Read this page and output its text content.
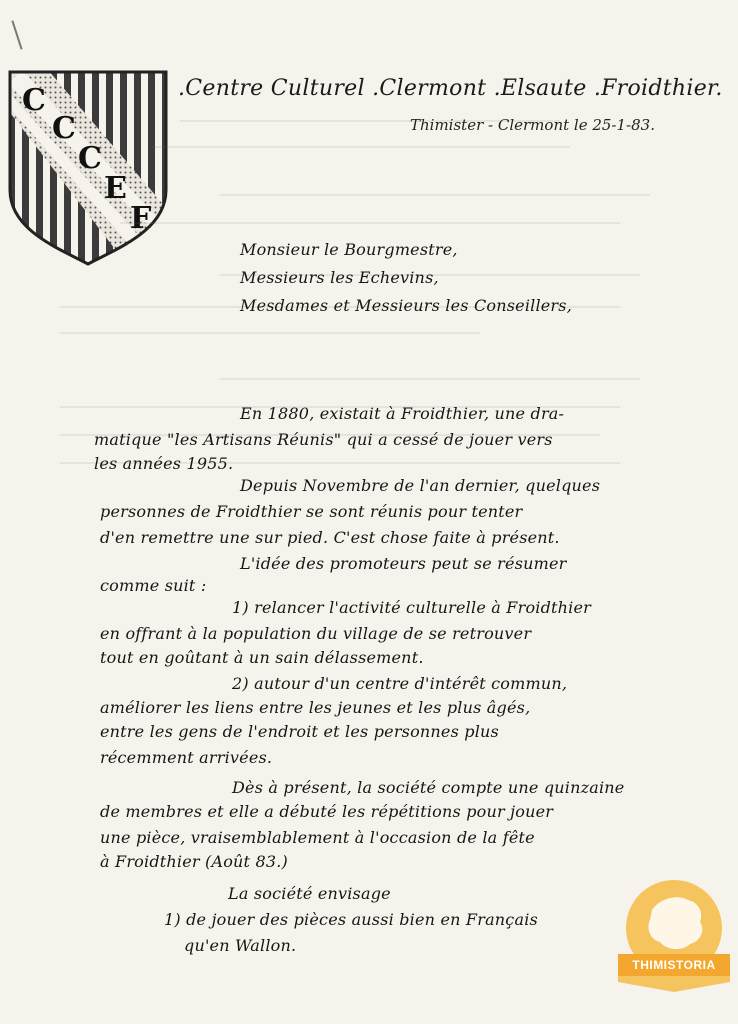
C
C
C
E
F
.Centre Culturel .Clermont .Elsaute .Froidthier.
Thimister - Clermont le 25-1-83.
Monsieur le Bourgmestre,
Messieurs les Echevins,
Mesdames et Messieurs les Conseillers,
En 1880, existait à Froidthier, une dra-
matique "les Artisans Réunis" qui a cessé de jouer vers
les années 1955.
Depuis Novembre de l'an dernier, quelques
personnes de Froidthier se sont réunis pour tenter
d'en remettre une sur pied. C'est chose faite à présent.
L'idée des promoteurs peut se résumer
comme suit :
1) relancer l'activité culturelle à Froidthier
en offrant à la population du village de se retrouver
tout en goûtant à un sain délassement.
2) autour d'un centre d'intérêt commun,
améliorer les liens entre les jeunes et les plus âgés,
entre les gens de l'endroit et les personnes plus
récemment arrivées.
Dès à présent, la société compte une quinzaine
de membres et elle a débuté les répétitions pour jouer
une pièce, vraisemblablement à l'occasion de la fête
à Froidthier (Août 83.)
La société envisage
1) de jouer des pièces aussi bien en Français
qu'en Wallon.
THIMISTORIA
